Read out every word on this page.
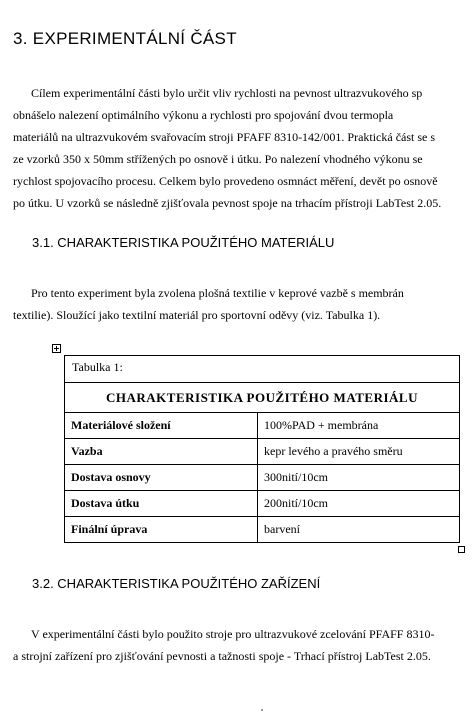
3. EXPERIMENTÁLNÍ ČÁST

Cílem experimentální části bylo určit vliv rychlosti na pevnost ultrazvukového sp

obnášelo nalezení optimálního výkonu a rychlosti pro spojování dvou termopla

materiálů na ultrazvukovém svařovacím stroji PFAFF 8310-142/001. Praktická část se s

ze vzorků 350 x 50mm střížených po osnově i útku. Po nalezení vhodného výkonu se

rychlost spojovacího procesu. Celkem bylo provedeno osmnáct měření, devět po osnově

po útku. U vzorků se následně zjišťovala pevnost spoje na trhacím přístroji LabTest 2.05.

3.1. CHARAKTERISTIKA POUŽITÉHO MATERIÁLU

Pro tento experiment byla zvolena plošná textilie v keprové vazbě s membrán

textilie). Sloužící jako textilní materiál pro sportovní oděvy (viz. Tabulka 1).

Tabulka 1:
CHARAKTERISTIKA POUŽITÉHO MATERIÁLU	
Materiálové složení	100%PAD + membrána
Vazba	kepr levého a pravého směru
Dostava osnovy	300nití/10cm
Dostava útku	200nití/10cm
Finální úprava	barvení
3.2. CHARAKTERISTIKA POUŽITÉHO ZAŘÍZENÍ

V experimentální části bylo použito stroje pro ultrazvukové zcelování PFAFF 8310-

a strojní zařízení pro zjišťování pevnosti a tažnosti spoje - Trhací přístroj LabTest 2.05.
